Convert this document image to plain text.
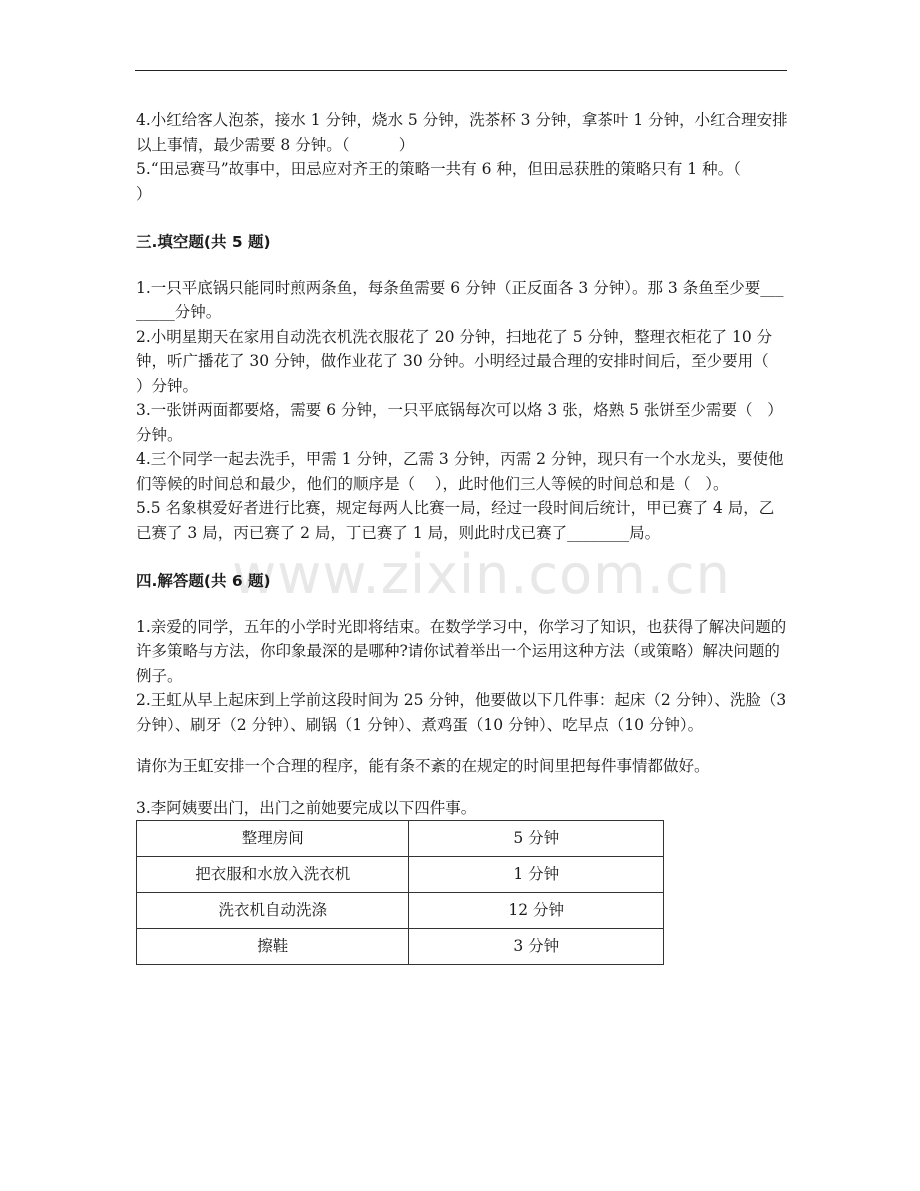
www.zixin.com.cn

4.小红给客人泡茶，接水 1 分钟，烧水 5 分钟，洗茶杯 3 分钟，拿茶叶 1 分钟，小红合理安排以上事情，最少需要 8 分钟。（          ）

5.“田忌赛马”故事中，田忌应对齐王的策略一共有 6 种，但田忌获胜的策略只有 1 种。（          ）

三.填空题(共 5 题)

1.一只平底锅只能同时煎两条鱼，每条鱼需要 6 分钟（正反面各 3 分钟）。那 3 条鱼至少要________分钟。

2.小明星期天在家用自动洗衣机洗衣服花了 20 分钟，扫地花了 5 分钟，整理衣柜花了 10 分钟，听广播花了 30 分钟，做作业花了 30 分钟。小明经过最合理的安排时间后，至少要用（   ）分钟。

3.一张饼两面都要烙，需要 6 分钟，一只平底锅每次可以烙 3 张，烙熟 5 张饼至少需要（   ）分钟。

4.三个同学一起去洗手，甲需 1 分钟，乙需 3 分钟，丙需 2 分钟，现只有一个水龙头，要使他们等候的时间总和最少，他们的顺序是（    ），此时他们三人等候的时间总和是（   ）。

5.5 名象棋爱好者进行比赛，规定每两人比赛一局，经过一段时间后统计，甲已赛了 4 局，乙已赛了 3 局，丙已赛了 2 局，丁已赛了 1 局，则此时戊已赛了________局。

四.解答题(共 6 题)

1.亲爱的同学，五年的小学时光即将结束。在数学学习中，你学习了知识，也获得了解决问题的许多策略与方法，你印象最深的是哪种?请你试着举出一个运用这种方法（或策略）解决问题的例子。

2.王虹从早上起床到上学前这段时间为 25 分钟，他要做以下几件事：起床（2 分钟）、洗脸（3 分钟）、刷牙（2 分钟）、刷锅（1 分钟）、煮鸡蛋（10 分钟）、吃早点（10 分钟）。

请你为王虹安排一个合理的程序，能有条不紊的在规定的时间里把每件事情都做好。

3.李阿姨要出门，出门之前她要完成以下四件事。

整理房间	5 分钟
把衣服和水放入洗衣机	1 分钟
洗衣机自动洗涤	12 分钟
擦鞋	3 分钟
